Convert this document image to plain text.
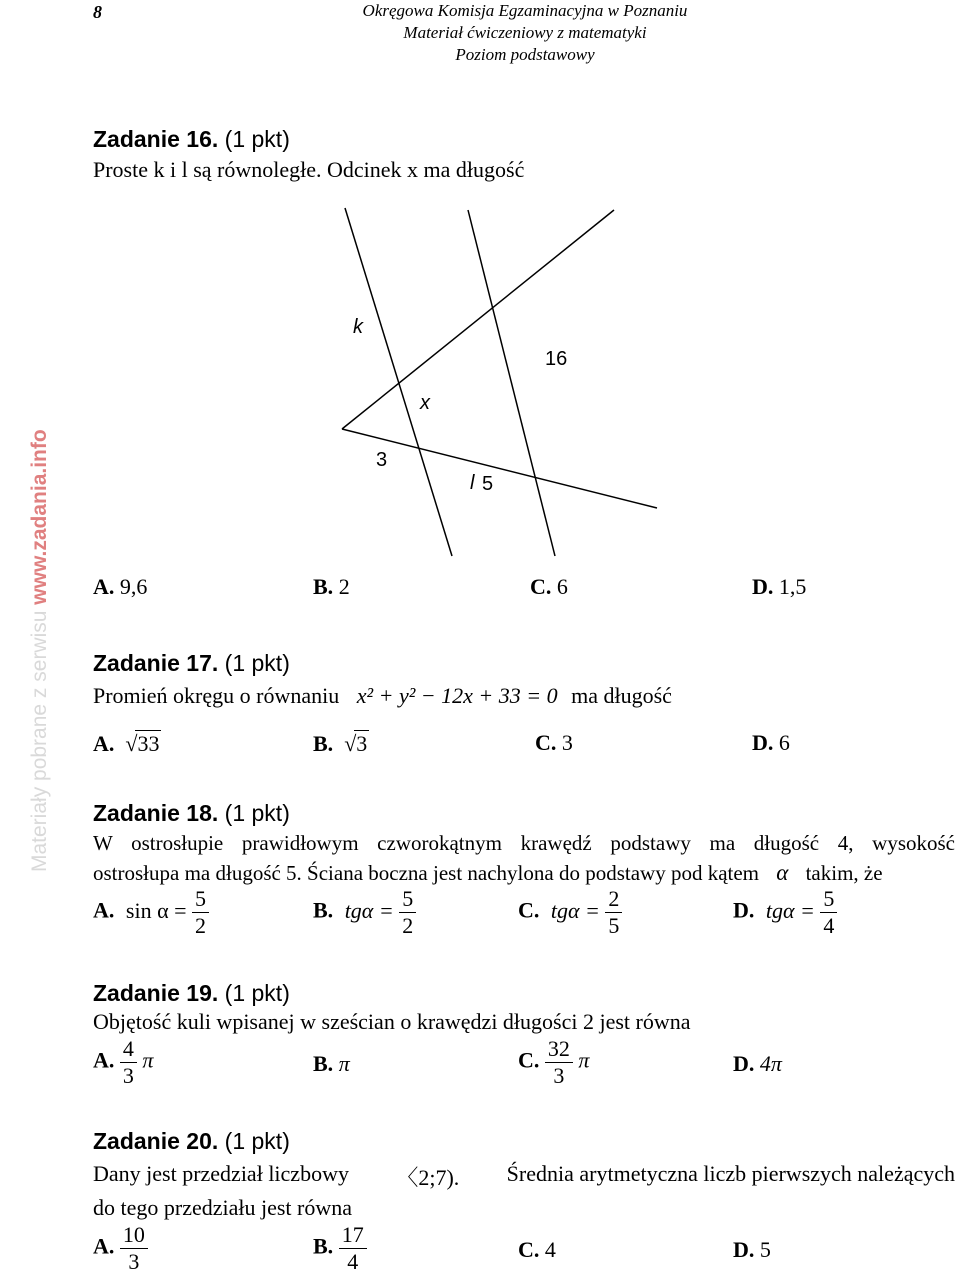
8	Okręgowa Komisja Egzaminacyjna w Poznaniu
Materiał ćwiczeniowy z matematyki
Poziom podstawowy
Materiały pobrane z serwisu www.zadania.info
Zadanie 16. (1 pkt)
Proste k i l są równoległe. Odcinek x ma długość
l
k
x
16
3
5
A. 9,6	B. 2	C. 6	D. 1,5
Zadanie 17. (1 pkt)
Promień okręgu o równaniu x² + y² − 12x + 33 = 0 ma długość
A.  √33	B.  √3	C. 3	D. 6
Zadanie 18. (1 pkt)
W ostrosłupie prawidłowym czworokątnym krawędź podstawy ma długość 4, wysokość
ostrosłupa ma długość 5. Ściana boczna jest nachylona do podstawy pod kątem α takim, że
A. $\sin \alpha = \frac{5}{2}$	B. $tg\alpha = \frac{5}{2}$	C. $tg\alpha = \frac{2}{5}$	D. $tg\alpha = \frac{5}{4}$
Zadanie 19. (1 pkt)
Objętość kuli wpisanej w sześcian o krawędzi długości 2 jest równa
A. $\frac{4}{3}$ π	B. π	C. $\frac{32}{3}$ π	D. 4π
Zadanie 20. (1 pkt)
Dany jest przedział liczbowy 〈2;7). Średnia arytmetyczna liczb pierwszych należących
do tego przedziału jest równa
A. $\frac{10}{3}$	B. $\frac{17}{4}$	C. 4	D. 5
